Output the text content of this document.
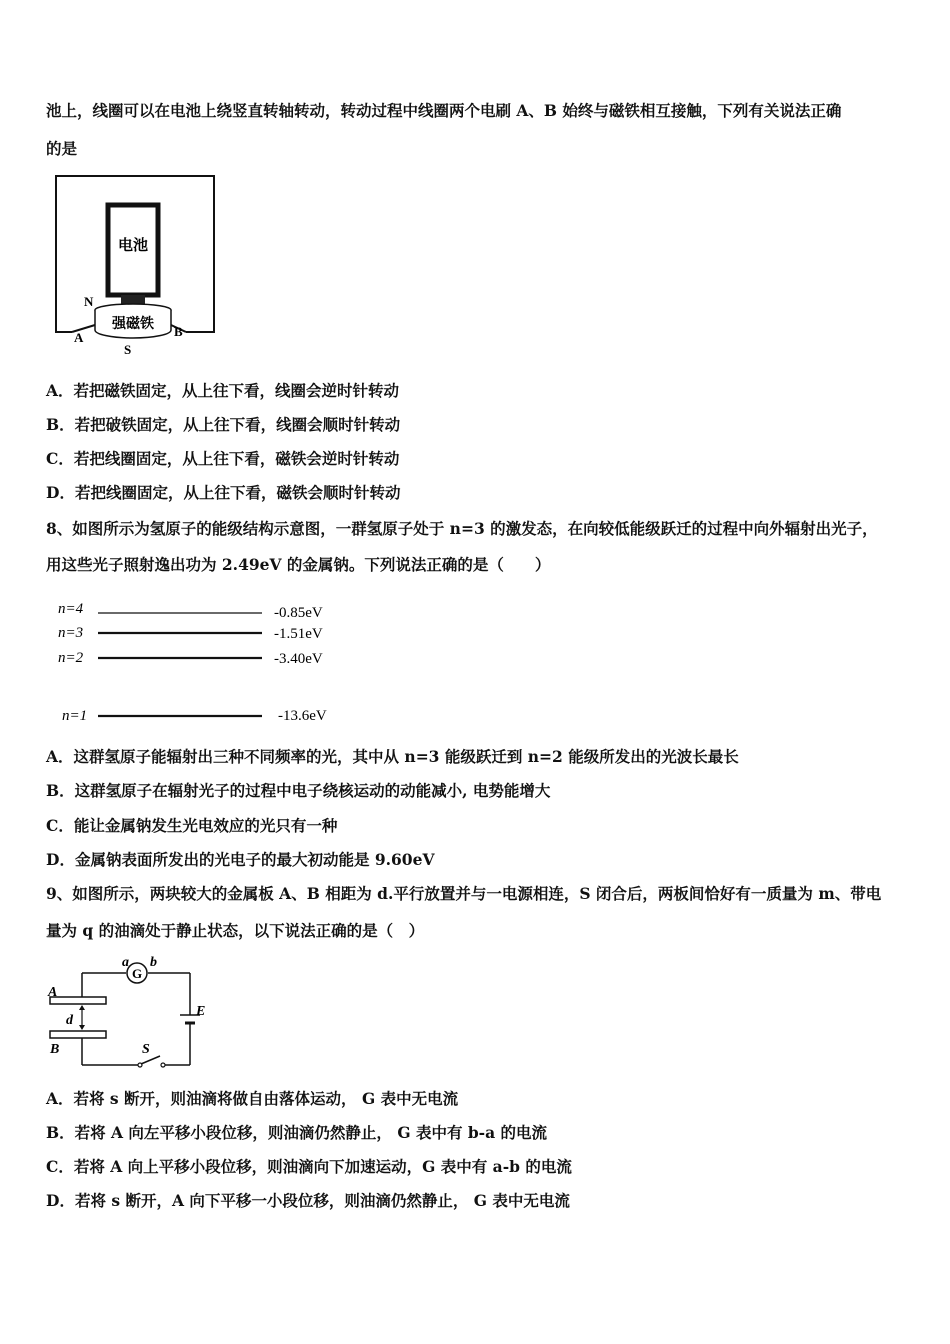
池上，线圈可以在电池上绕竖直转轴转动，转动过程中线圈两个电刷 A、B 始终与磁铁相互接触，下列有关说法正确
的是
电池
强磁铁
N
A	B
S
A．若把磁铁固定，从上往下看，线圈会逆时针转动
B．若把破铁固定，从上往下看，线圈会顺时针转动
C．若把线圈固定，从上往下看，磁铁会逆时针转动
D．若把线圈固定，从上往下看，磁铁会顺时针转动
8、如图所示为氢原子的能级结构示意图，一群氢原子处于 n=3 的激发态，在向较低能级跃迁的过程中向外辐射出光子，
用这些光子照射逸出功为 2.49eV 的金属钠。下列说法正确的是（　　）
n=4
n=3
n=2
n=1
-0.85eV
-1.51eV
-3.40eV
-13.6eV
A．这群氢原子能辐射出三种不同频率的光，其中从 n=3 能级跃迁到 n=2 能级所发出的光波长最长
B．这群氢原子在辐射光子的过程中电子绕核运动的动能减小, 电势能增大
C．能让金属钠发生光电效应的光只有一种
D．金属钠表面所发出的光电子的最大初动能是 9.60eV
9、如图所示，两块较大的金属板 A、B 相距为 d.平行放置并与一电源相连，S 闭合后，两板间恰好有一质量为 m、带电
量为 q 的油滴处于静止状态，以下说法正确的是（　）
G
a b
A
d
B	S
E
A．若将 s 断开，则油滴将做自由落体运动， G 表中无电流
B．若将 A 向左平移小段位移，则油滴仍然静止， G 表中有 b-a 的电流
C．若将 A 向上平移小段位移，则油滴向下加速运动，G 表中有 a-b 的电流
D．若将 s 断开，A 向下平移一小段位移，则油滴仍然静止， G 表中无电流
